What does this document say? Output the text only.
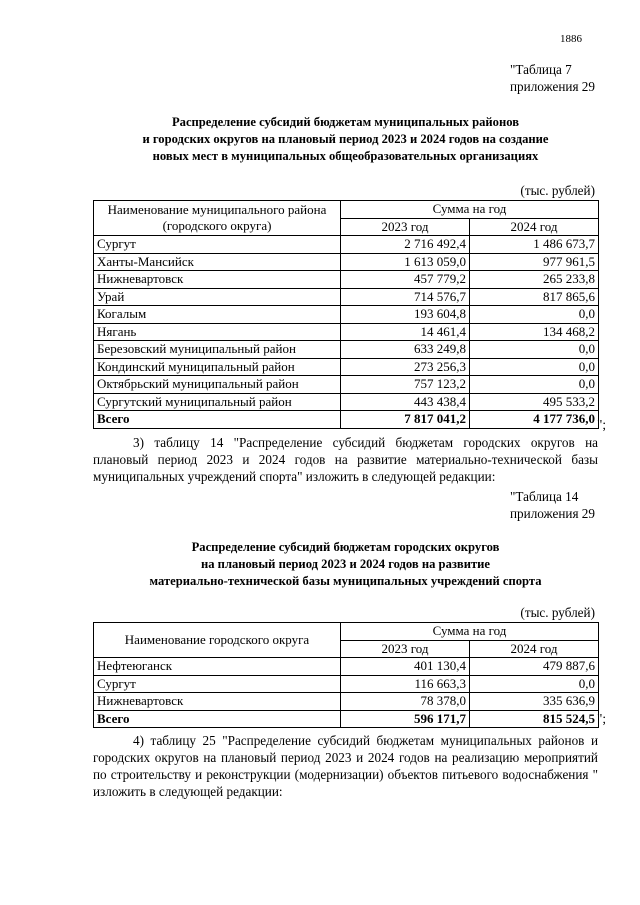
1886
"Таблица 7
приложения 29
Распределение субсидий бюджетам муниципальных районов
и городских округов на плановый период 2023 и 2024 годов на создание
новых мест в муниципальных общеобразовательных организациях
(тыс. рублей)
Наименование муниципального района (городского округа)	Сумма на год	
	2023 год	2024 год
Сургут	2 716 492,4	1 486 673,7
Ханты-Мансийск	1 613 059,0	977 961,5
Нижневартовск	457 779,2	265 233,8
Урай	714 576,7	817 865,6
Когалым	193 604,8	0,0
Нягань	14 461,4	134 468,2
Березовский муниципальный район	633 249,8	0,0
Кондинский муниципальный район	273 256,3	0,0
Октябрьский муниципальный район	757 123,2	0,0
Сургутский муниципальный район	443 438,4	495 533,2
Всего	7 817 041,2	4 177 736,0 ";
3) таблицу 14 "Распределение субсидий бюджетам городских округов на плановый период 2023 и 2024 годов на развитие материально-технической базы муниципальных учреждений спорта" изложить в следующей редакции:
"Таблица 14
приложения 29
Распределение субсидий бюджетам городских округов
на плановый период 2023 и 2024 годов на развитие
материально-технической базы муниципальных учреждений спорта
(тыс. рублей)
Наименование городского округа	Сумма на год	
	2023 год	2024 год
Нефтеюганск	401 130,4	479 887,6
Сургут	116 663,3	0,0
Нижневартовск	78 378,0	335 636,9
Всего	596 171,7	815 524,5 ";
4) таблицу 25 "Распределение субсидий бюджетам муниципальных районов и городских округов на плановый период 2023 и 2024 годов на реализацию мероприятий по строительству и реконструкции (модернизации) объектов питьевого водоснабжения " изложить в следующей редакции:
